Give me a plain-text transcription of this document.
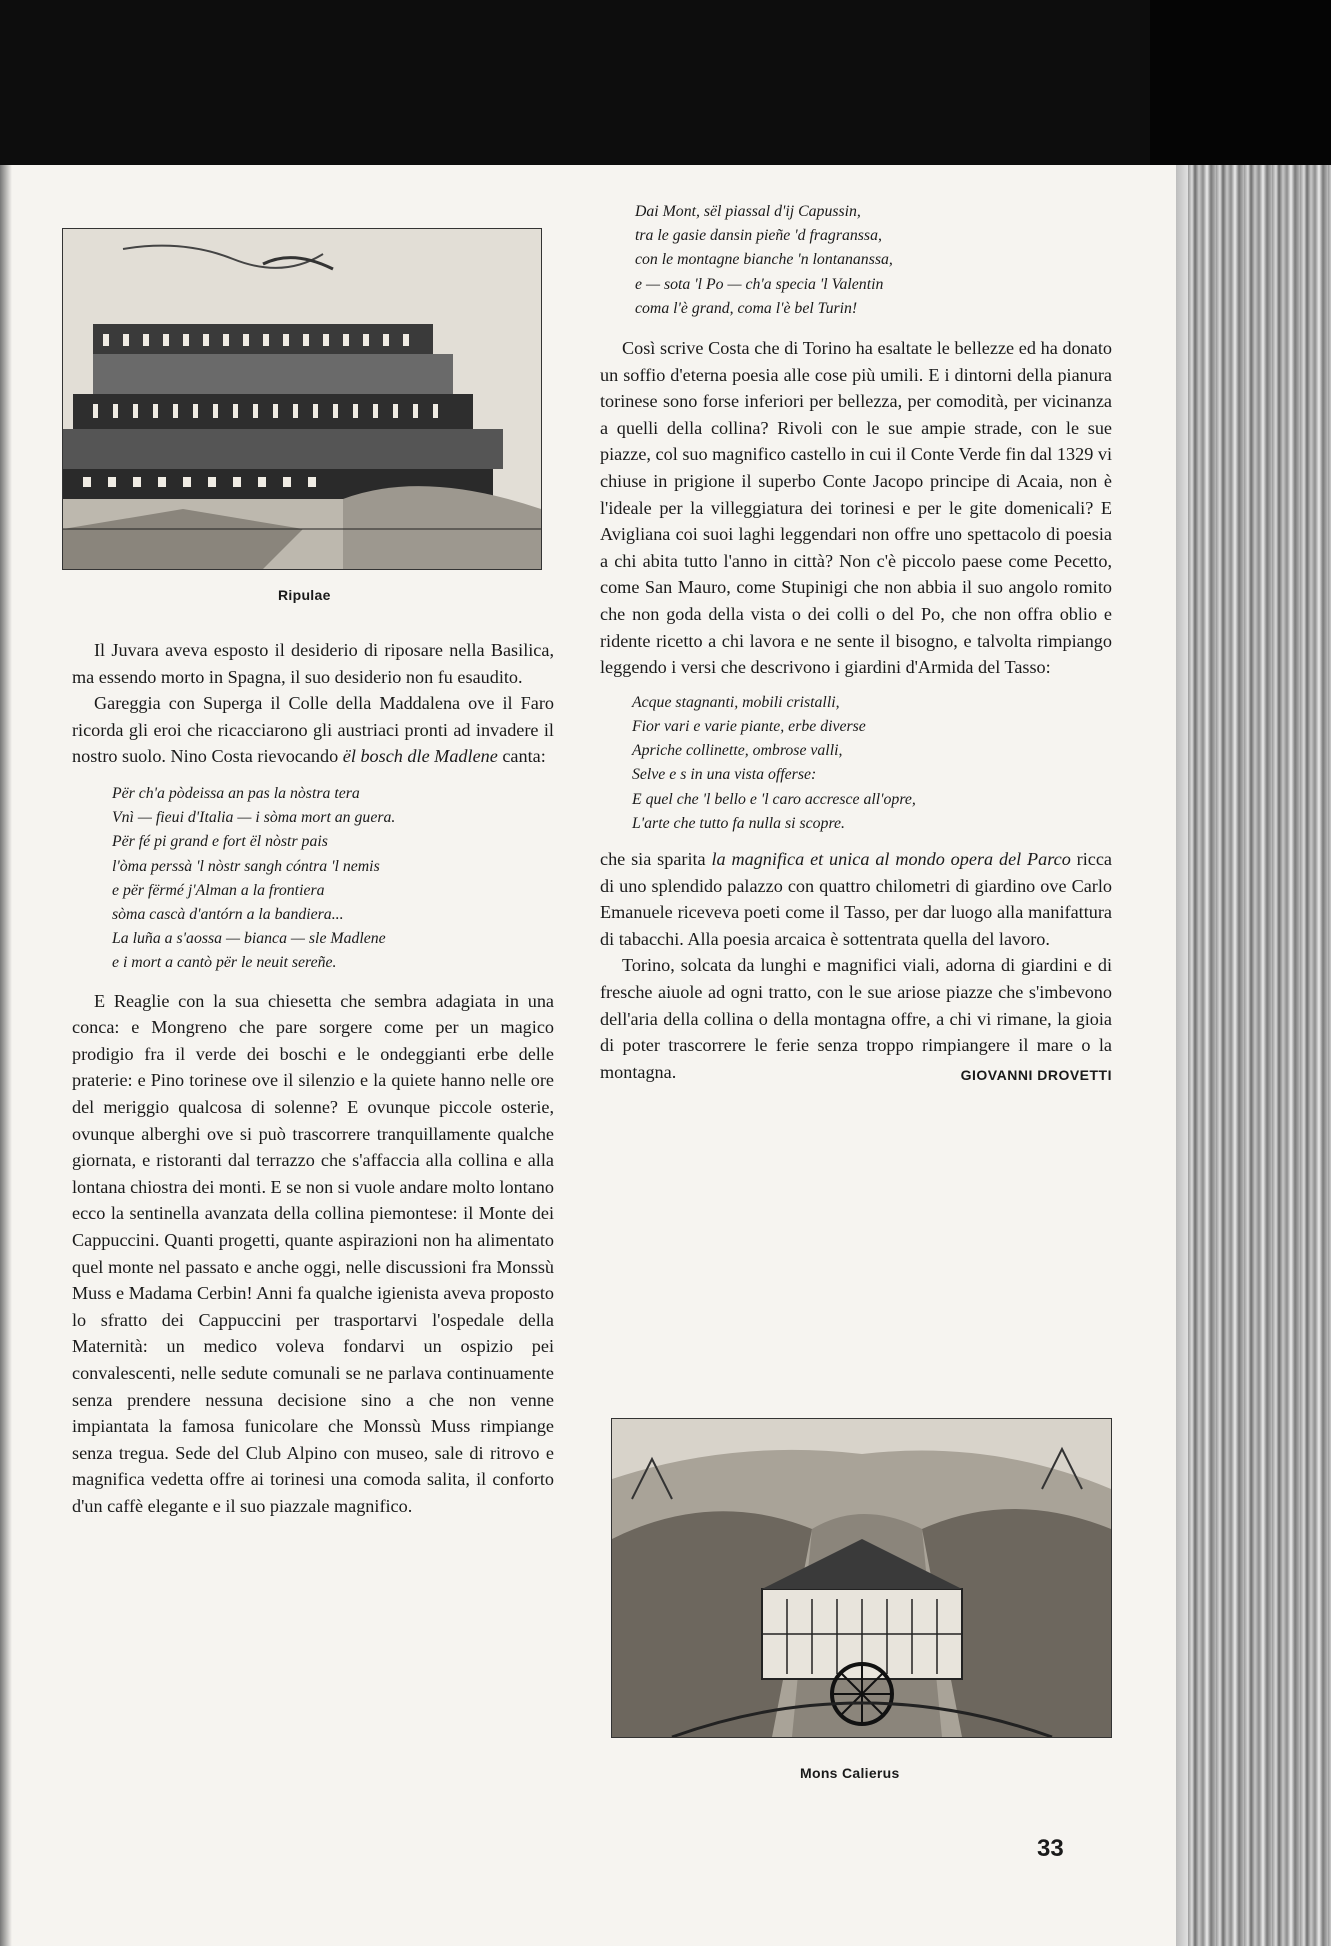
Ripulae

Il Juvara aveva esposto il desiderio di riposare nella Basilica, ma essendo morto in Spagna, il suo desiderio non fu esaudito.

Gareggia con Superga il Colle della Maddalena ove il Faro ricorda gli eroi che ricacciarono gli austriaci pronti ad invadere il nostro suolo. Nino Costa rievocando ël bosch dle Madlene canta:

Për ch'a pòdeissa an pas la nòstra tera
Vnì — fieui d'Italia — i sòma mort an guera.
Për fé pi grand e fort ël nòstr pais
l'òma perssà 'l nòstr sangh cóntra 'l nemis
e për fërmé j'Alman a la frontiera
sòma cascà d'antórn a la bandiera...
La luña a s'aossa — bianca — sle Madlene
e i mort a cantò për le neuit sereñe.

E Reaglie con la sua chiesetta che sembra adagiata in una conca: e Mongreno che pare sorgere come per un magico prodigio fra il verde dei boschi e le ondeggianti erbe delle praterie: e Pino torinese ove il silenzio e la quiete hanno nelle ore del meriggio qualcosa di solenne? E ovunque piccole osterie, ovunque alberghi ove si può trascorrere tranquillamente qualche giornata, e ristoranti dal terrazzo che s'affaccia alla collina e alla lontana chiostra dei monti. E se non si vuole andare molto lontano ecco la sentinella avanzata della collina piemontese: il Monte dei Cappuccini. Quanti progetti, quante aspirazioni non ha alimentato quel monte nel passato e anche oggi, nelle discussioni fra Monssù Muss e Madama Cerbin! Anni fa qualche igienista aveva proposto lo sfratto dei Cappuccini per trasportarvi l'ospedale della Maternità: un medico voleva fondarvi un ospizio pei convalescenti, nelle sedute comunali se ne parlava continuamente senza prendere nessuna decisione sino a che non venne impiantata la famosa funicolare che Monssù Muss rimpiange senza tregua. Sede del Club Alpino con museo, sale di ritrovo e magnifica vedetta offre ai torinesi una comoda salita, il conforto d'un caffè elegante e il suo piazzale magnifico.

Dai Mont, sël piassal d'ij Capussin,
tra le gasie dansin pieñe 'd fragranssa,
con le montagne bianche 'n lontananssa,
e — sota 'l Po — ch'a specia 'l Valentin
coma l'è grand, coma l'è bel Turin!

Così scrive Costa che di Torino ha esaltate le bellezze ed ha donato un soffio d'eterna poesia alle cose più umili. E i dintorni della pianura torinese sono forse inferiori per bellezza, per comodità, per vicinanza a quelli della collina? Rivoli con le sue ampie strade, con le sue piazze, col suo magnifico castello in cui il Conte Verde fin dal 1329 vi chiuse in prigione il superbo Conte Jacopo principe di Acaia, non è l'ideale per la villeggiatura dei torinesi e per le gite domenicali? E Avigliana coi suoi laghi leggendari non offre uno spettacolo di poesia a chi abita tutto l'anno in città? Non c'è piccolo paese come Pecetto, come San Mauro, come Stupinigi che non abbia il suo angolo romito che non goda della vista o dei colli o del Po, che non offra oblio e ridente ricetto a chi lavora e ne sente il bisogno, e talvolta rimpiango leggendo i versi che descrivono i giardini d'Armida del Tasso:

Acque stagnanti, mobili cristalli,
Fior vari e varie piante, erbe diverse
Apriche collinette, ombrose valli,
Selve e s in una vista offerse:
E quel che 'l bello e 'l caro accresce all'opre,
L'arte che tutto fa nulla si scopre.

che sia sparita la magnifica et unica al mondo opera del Parco ricca di uno splendido palazzo con quattro chilometri di giardino ove Carlo Emanuele riceveva poeti come il Tasso, per dar luogo alla manifattura di tabacchi. Alla poesia arcaica è sottentrata quella del lavoro.

Torino, solcata da lunghi e magnifici viali, adorna di giardini e di fresche aiuole ad ogni tratto, con le sue ariose piazze che s'imbevono dell'aria della collina o della montagna offre, a chi vi rimane, la gioia di poter trascorrere le ferie senza troppo rimpiangere il mare o la montagna.	GIOVANNI DROVETTI

Mons Calierus
33
